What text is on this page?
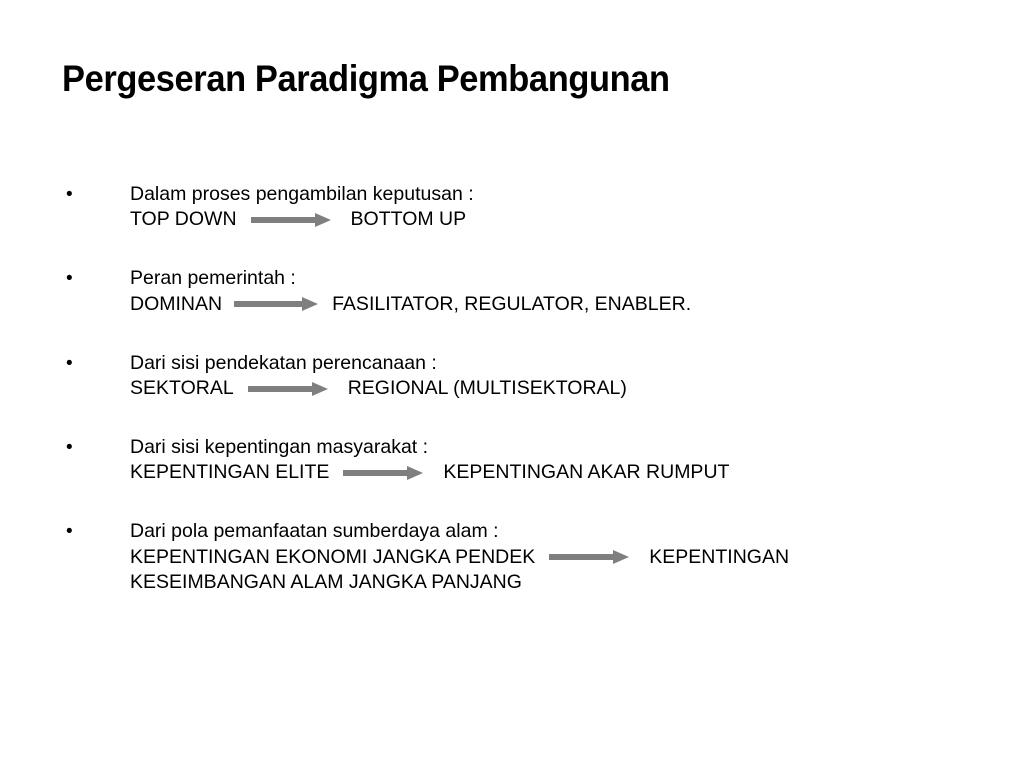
Pergeseran Paradigma Pembangunan
•	Dalam proses pengambilan keputusan :
TOP DOWN	BOTTOM UP
•	Peran pemerintah :
DOMINAN	FASILITATOR, REGULATOR, ENABLER.
•	Dari sisi pendekatan perencanaan :
SEKTORAL	REGIONAL (MULTISEKTORAL)
•	Dari sisi kepentingan masyarakat :
KEPENTINGAN ELITE	KEPENTINGAN AKAR RUMPUT
•	Dari pola pemanfaatan sumberdaya alam :
KEPENTINGAN EKONOMI JANGKA PENDEK	KEPENTINGAN
KESEIMBANGAN ALAM JANGKA PANJANG
